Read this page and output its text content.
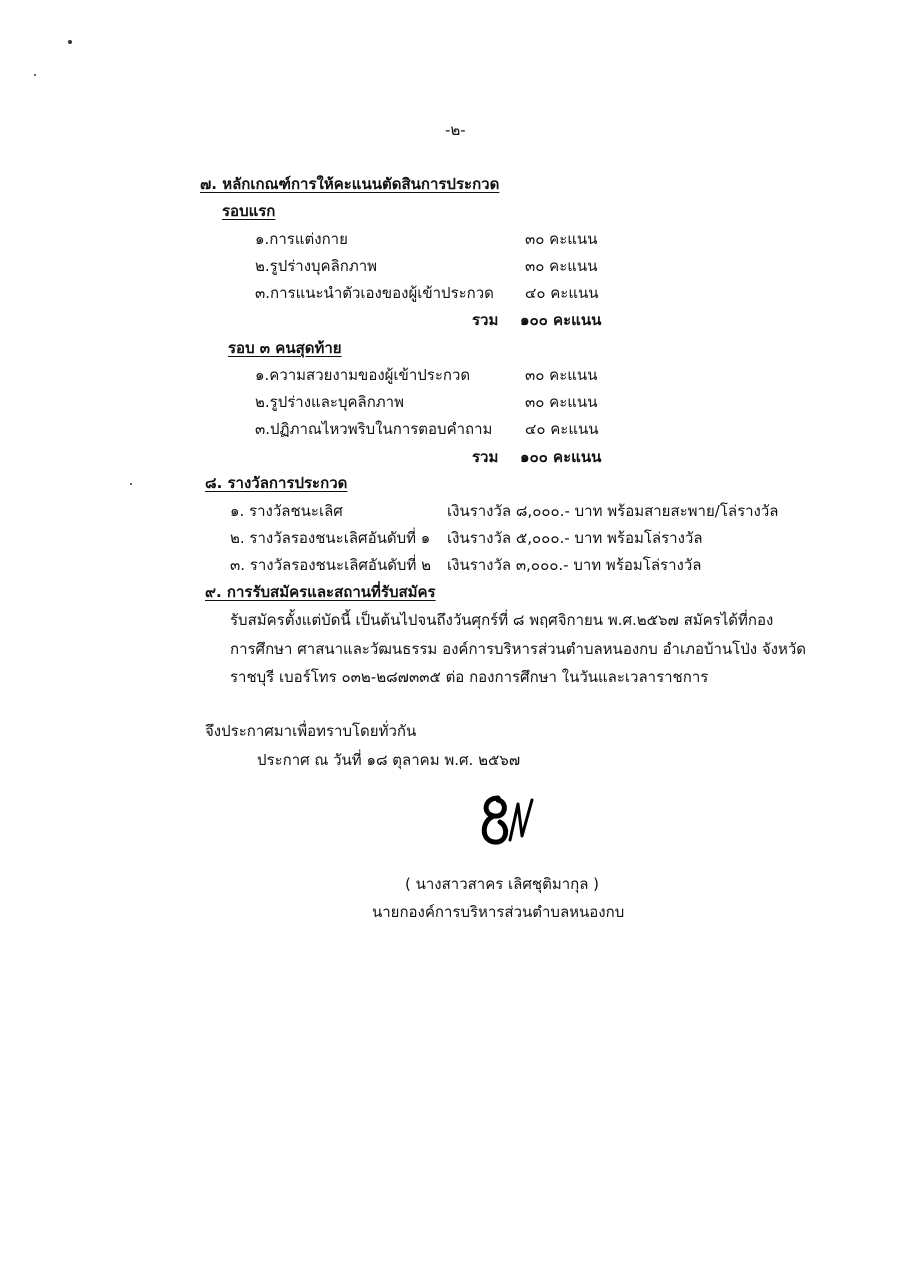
-๒-
๗. หลักเกณฑ์การให้คะแนนตัดสินการประกวด
รอบแรก
๑.การแต่งกาย	๓๐ คะแนน
๒.รูปร่างบุคลิกภาพ	๓๐ คะแนน
๓.การแนะนำตัวเองของผู้เข้าประกวด ๔๐ คะแนน
รวม ๑๐๐ คะแนน
รอบ ๓ คนสุดท้าย
๑.ความสวยงามของผู้เข้าประกวด	๓๐ คะแนน
๒.รูปร่างและบุคลิกภาพ	๓๐ คะแนน
๓.ปฏิภาณไหวพริบในการตอบคำถาม ๔๐ คะแนน
รวม ๑๐๐ คะแนน
๘. รางวัลการประกวด
๑. รางวัลชนะเลิศ	เงินรางวัล ๘,๐๐๐.- บาท พร้อมสายสะพาย/โล่รางวัล
๒. รางวัลรองชนะเลิศอันดับที่ ๑ เงินรางวัล ๕,๐๐๐.- บาท พร้อมโล่รางวัล
๓. รางวัลรองชนะเลิศอันดับที่ ๒ เงินรางวัล ๓,๐๐๐.- บาท พร้อมโล่รางวัล
๙. การรับสมัครและสถานที่รับสมัคร
รับสมัครตั้งแต่บัดนี้ เป็นต้นไปจนถึงวันศุกร์ที่ ๘ พฤศจิกายน พ.ศ.๒๕๖๗ สมัครได้ที่กอง
การศึกษา ศาสนาและวัฒนธรรม องค์การบริหารส่วนตำบลหนองกบ อำเภอบ้านโป่ง จังหวัด
ราชบุรี เบอร์โทร ๐๓๒-๒๘๗๓๓๕ ต่อ กองการศึกษา ในวันและเวลาราชการ
จึงประกาศมาเพื่อทราบโดยทั่วกัน
ประกาศ ณ วันที่ ๑๘ ตุลาคม พ.ศ. ๒๕๖๗
( นางสาวสาคร เลิศชุติมากุล )
นายกองค์การบริหารส่วนตำบลหนองกบ
